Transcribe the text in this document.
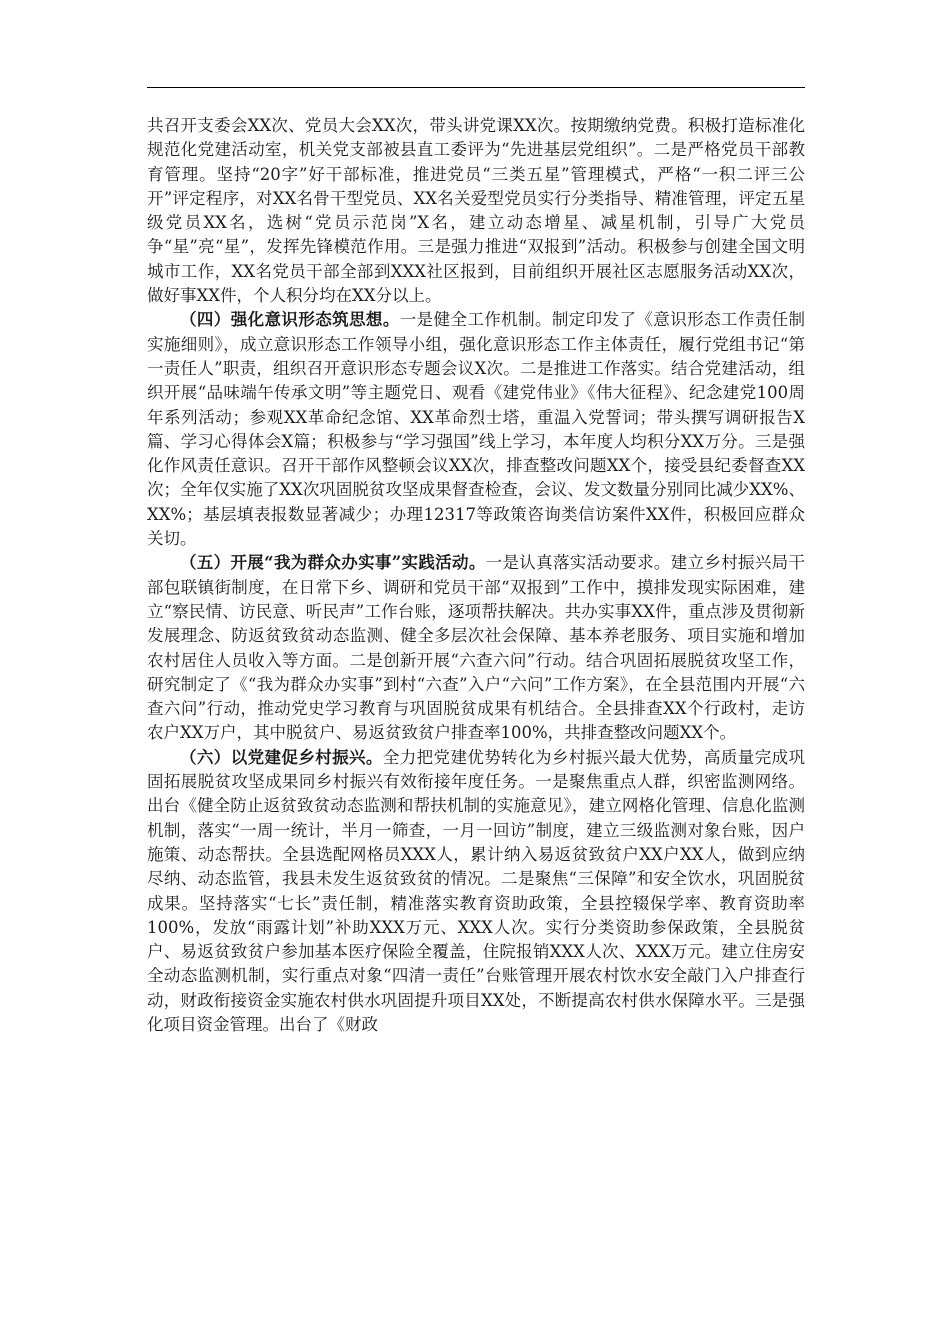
共召开支委会XX次、党员大会XX次，带头讲党课XX次。按期缴纳党费。积极打造标准化规范化党建活动室，机关党支部被县直工委评为“先进基层党组织”。二是严格党员干部教育管理。坚持“20字”好干部标准，推进党员“三类五星”管理模式，严格“一积二评三公开”评定程序，对XX名骨干型党员、XX名关爱型党员实行分类指导、精准管理，评定五星级党员XX名，选树“党员示范岗”X名，建立动态增星、减星机制，引导广大党员争“星”亮“星”，发挥先锋模范作用。三是强力推进“双报到”活动。积极参与创建全国文明城市工作，XX名党员干部全部到XXX社区报到，目前组织开展社区志愿服务活动XX次，做好事XX件，个人积分均在XX分以上。

（四）强化意识形态筑思想。一是健全工作机制。制定印发了《意识形态工作责任制实施细则》，成立意识形态工作领导小组，强化意识形态工作主体责任，履行党组书记“第一责任人”职责，组织召开意识形态专题会议X次。二是推进工作落实。结合党建活动，组织开展“品味端午传承文明”等主题党日、观看《建党伟业》《伟大征程》、纪念建党100周年系列活动；参观XX革命纪念馆、XX革命烈士塔，重温入党誓词；带头撰写调研报告X篇、学习心得体会X篇；积极参与“学习强国”线上学习，本年度人均积分XX万分。三是强化作风责任意识。召开干部作风整顿会议XX次，排查整改问题XX个，接受县纪委督查XX次；全年仅实施了XX次巩固脱贫攻坚成果督查检查，会议、发文数量分别同比减少XX%、XX%；基层填表报数显著减少；办理12317等政策咨询类信访案件XX件，积极回应群众关切。

（五）开展“我为群众办实事”实践活动。一是认真落实活动要求。建立乡村振兴局干部包联镇街制度，在日常下乡、调研和党员干部“双报到”工作中，摸排发现实际困难，建立“察民情、访民意、听民声”工作台账，逐项帮扶解决。共办实事XX件，重点涉及贯彻新发展理念、防返贫致贫动态监测、健全多层次社会保障、基本养老服务、项目实施和增加农村居住人员收入等方面。二是创新开展“六查六问”行动。结合巩固拓展脱贫攻坚工作，研究制定了《“我为群众办实事”到村“六查”入户“六问”工作方案》，在全县范围内开展“六查六问”行动，推动党史学习教育与巩固脱贫成果有机结合。全县排查XX个行政村，走访农户XX万户，其中脱贫户、易返贫致贫户排查率100%，共排查整改问题XX个。

（六）以党建促乡村振兴。全力把党建优势转化为乡村振兴最大优势，高质量完成巩固拓展脱贫攻坚成果同乡村振兴有效衔接年度任务。一是聚焦重点人群，织密监测网络。出台《健全防止返贫致贫动态监测和帮扶机制的实施意见》，建立网格化管理、信息化监测机制，落实“一周一统计，半月一筛查，一月一回访”制度，建立三级监测对象台账，因户施策、动态帮扶。全县选配网格员XXX人，累计纳入易返贫致贫户XX户XX人，做到应纳尽纳、动态监管，我县未发生返贫致贫的情况。二是聚焦“三保障”和安全饮水，巩固脱贫成果。坚持落实“七长”责任制，精准落实教育资助政策，全县控辍保学率、教育资助率100%，发放“雨露计划”补助XXX万元、XXX人次。实行分类资助参保政策，全县脱贫户、易返贫致贫户参加基本医疗保险全覆盖，住院报销XXX人次、XXX万元。建立住房安全动态监测机制，实行重点对象“四清一责任”台账管理开展农村饮水安全敲门入户排查行动，财政衔接资金实施农村供水巩固提升项目XX处，不断提高农村供水保障水平。三是强化项目资金管理。出台了《财政
